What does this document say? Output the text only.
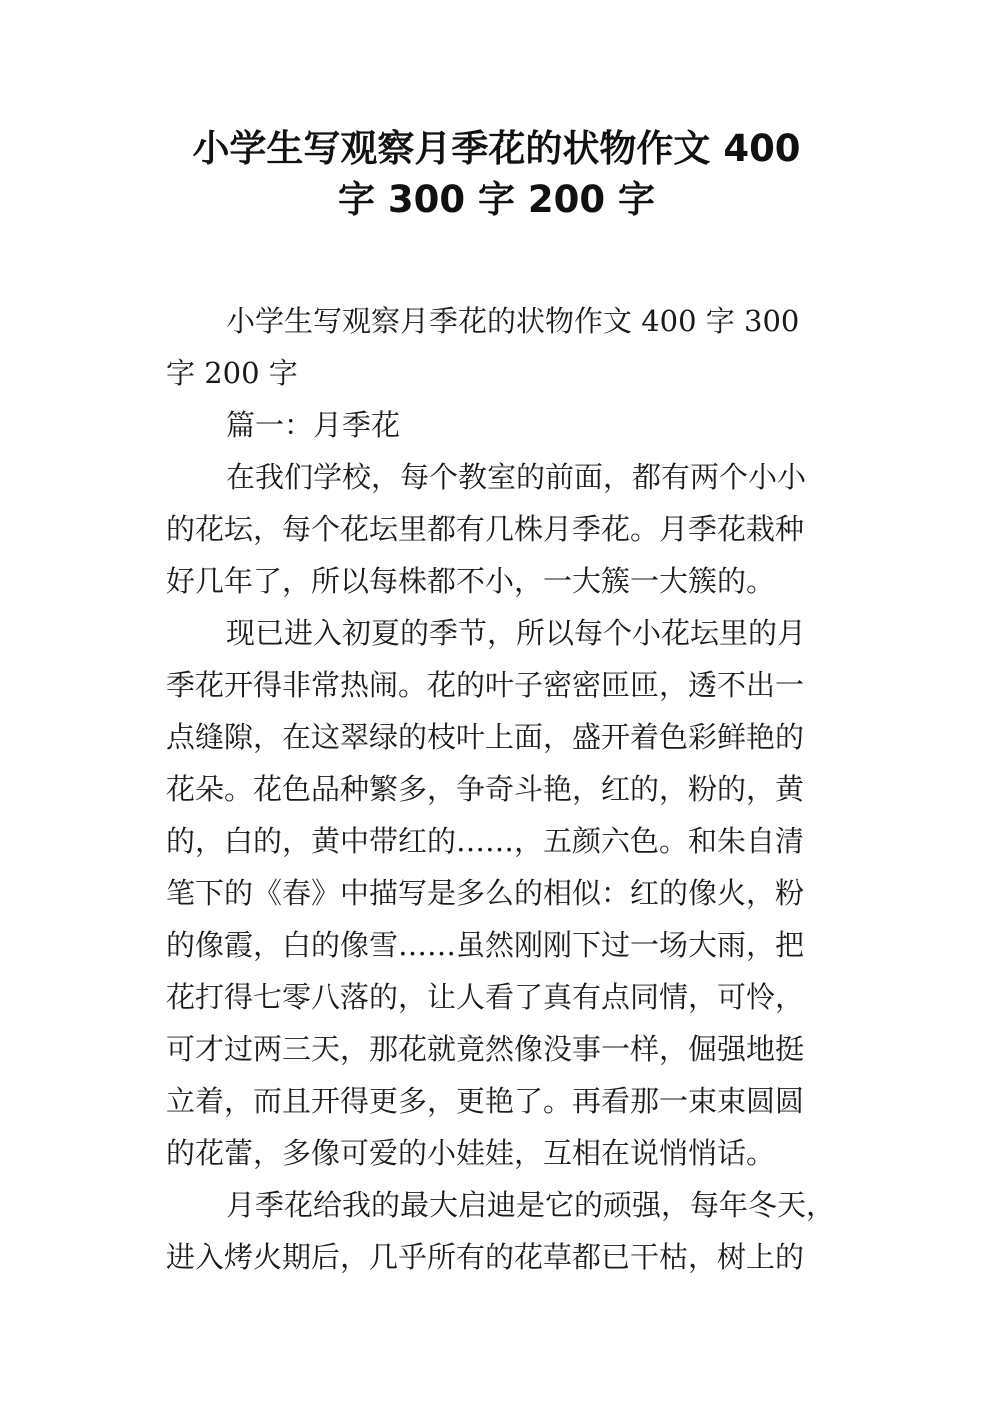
小学生写观察月季花的状物作文 400
字 300 字 200 字
小学生写观察月季花的状物作文 400 字 300
字 200 字
篇一：月季花
在我们学校，每个教室的前面，都有两个小小
的花坛，每个花坛里都有几株月季花。月季花栽种
好几年了，所以每株都不小，一大簇一大簇的。
现已进入初夏的季节，所以每个小花坛里的月
季花开得非常热闹。花的叶子密密匝匝，透不出一
点缝隙，在这翠绿的枝叶上面，盛开着色彩鲜艳的
花朵。花色品种繁多，争奇斗艳，红的，粉的，黄
的，白的，黄中带红的……，五颜六色。和朱自清
笔下的《春》中描写是多么的相似：红的像火，粉
的像霞，白的像雪……虽然刚刚下过一场大雨，把
花打得七零八落的，让人看了真有点同情，可怜，
可才过两三天，那花就竟然像没事一样，倔强地挺
立着，而且开得更多，更艳了。再看那一束束圆圆
的花蕾，多像可爱的小娃娃，互相在说悄悄话。
月季花给我的最大启迪是它的顽强，每年冬天，
进入烤火期后，几乎所有的花草都已干枯，树上的
